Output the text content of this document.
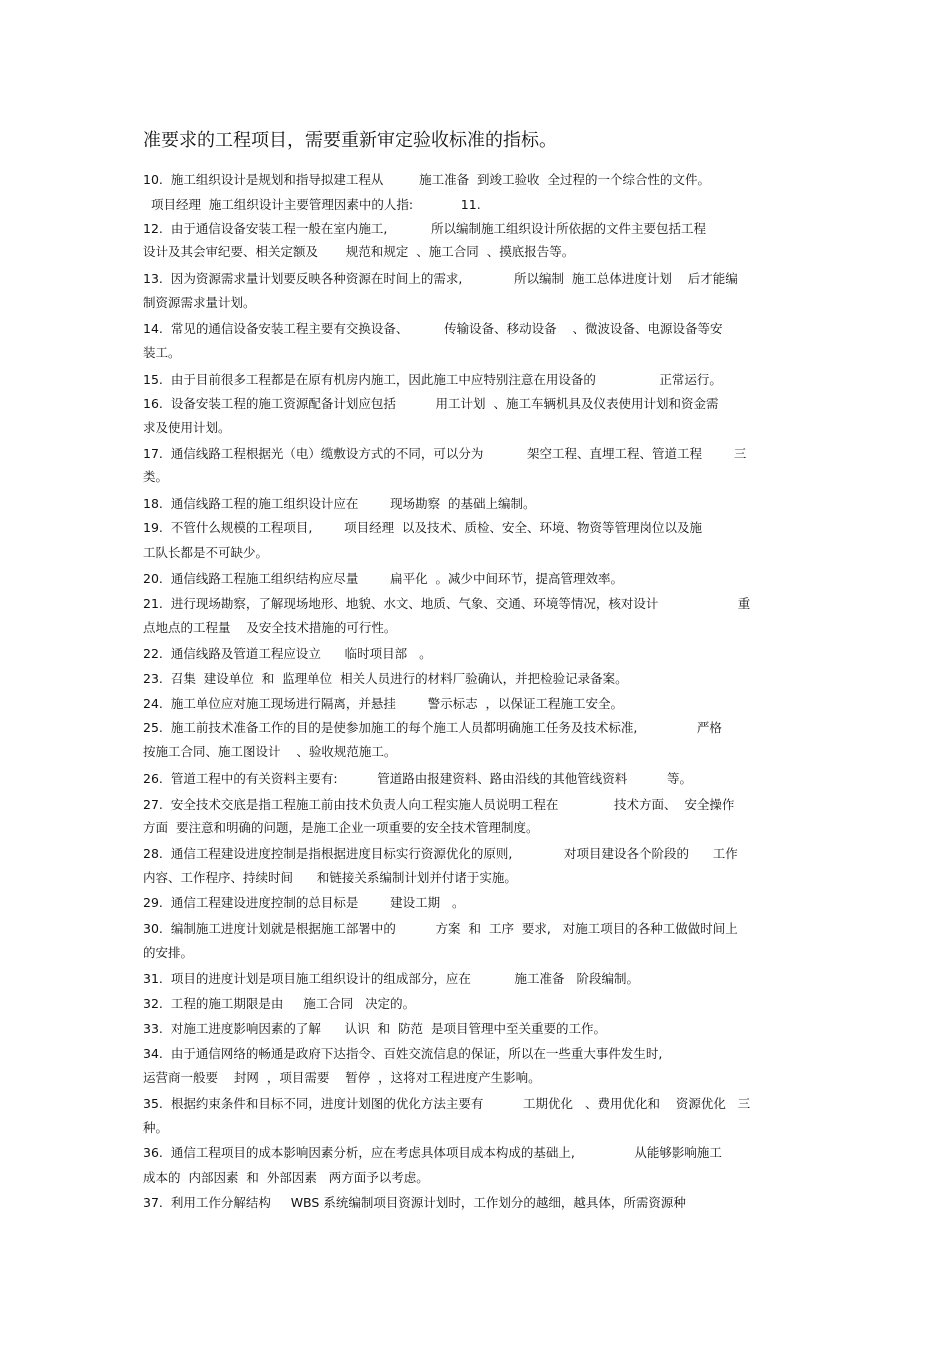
准要求的工程项目，需要重新审定验收标准的指标。
10.  施工组织设计是规划和指导拟建工程从         施工准备  到竣工验收  全过程的一个综合性的文件。
项目经理  施工组织设计主要管理因素中的人指:            11.
12.  由于通信设备安装工程一般在室内施工,           所以编制施工组织设计所依据的文件主要包括工程
设计及其会审纪要、相关定额及       规范和规定  、施工合同  、摸底报告等。
13.  因为资源需求量计划要反映各种资源在时间上的需求,             所以编制  施工总体进度计划    后才能编
制资源需求量计划。
14.  常见的通信设备安装工程主要有交换设备、         传输设备、移动设备    、微波设备、电源设备等安
装工。
15.  由于目前很多工程都是在原有机房内施工，因此施工中应特别注意在用设备的                正常运行。
16.  设备安装工程的施工资源配备计划应包括          用工计划  、施工车辆机具及仪表使用计划和资金需
求及使用计划。
17.  通信线路工程根据光（电）缆敷设方式的不同，可以分为           架空工程、直埋工程、管道工程        三
类。
18.  通信线路工程的施工组织设计应在        现场勘察  的基础上编制。
19.  不管什么规模的工程项目,        项目经理  以及技术、质检、安全、环境、物资等管理岗位以及施
工队长都是不可缺少。
20.  通信线路工程施工组织结构应尽量        扁平化  。减少中间环节，提高管理效率。
21.  进行现场勘察，了解现场地形、地貌、水文、地质、气象、交通、环境等情况，核对设计                    重
点地点的工程量    及安全技术措施的可行性。
22.  通信线路及管道工程应设立      临时项目部   。
23.  召集  建设单位  和  监理单位  相关人员进行的材料厂验确认，并把检验记录备案。
24.  施工单位应对施工现场进行隔离，并悬挂        警示标志  ，以保证工程施工安全。
25.  施工前技术准备工作的目的是使参加施工的每个施工人员都明确施工任务及技术标准,               严格
按施工合同、施工图设计    、验收规范施工。
26.  管道工程中的有关资料主要有:          管道路由报建资料、路由沿线的其他管线资料          等。
27.  安全技术交底是指工程施工前由技术负责人向工程实施人员说明工程在              技术方面、  安全操作
方面  要注意和明确的问题，是施工企业一项重要的安全技术管理制度。
28.  通信工程建设进度控制是指根据进度目标实行资源优化的原则,             对项目建设各个阶段的      工作
内容、工作程序、持续时间      和链接关系编制计划并付诸于实施。
29.  通信工程建设进度控制的总目标是        建设工期   。
30.  编制施工进度计划就是根据施工部署中的          方案  和  工序  要求,   对施工项目的各种工做做时间上
的安排。
31.  项目的进度计划是项目施工组织设计的组成部分，应在           施工准备   阶段编制。
32.  工程的施工期限是由     施工合同   决定的。
33.  对施工进度影响因素的了解      认识  和  防范  是项目管理中至关重要的工作。
34.  由于通信网络的畅通是政府下达指令、百姓交流信息的保证，所以在一些重大事件发生时,
运营商一般要    封网  ，项目需要    暂停  ，这将对工程进度产生影响。
35.  根据约束条件和目标不同，进度计划图的优化方法主要有          工期优化   、费用优化和    资源优化   三
种。
36.  通信工程项目的成本影响因素分析，应在考虑具体项目成本构成的基础上,               从能够影响施工
成本的  内部因素  和  外部因素   两方面予以考虑。
37.  利用工作分解结构     WBS 系统编制项目资源计划时，工作划分的越细，越具体，所需资源种
